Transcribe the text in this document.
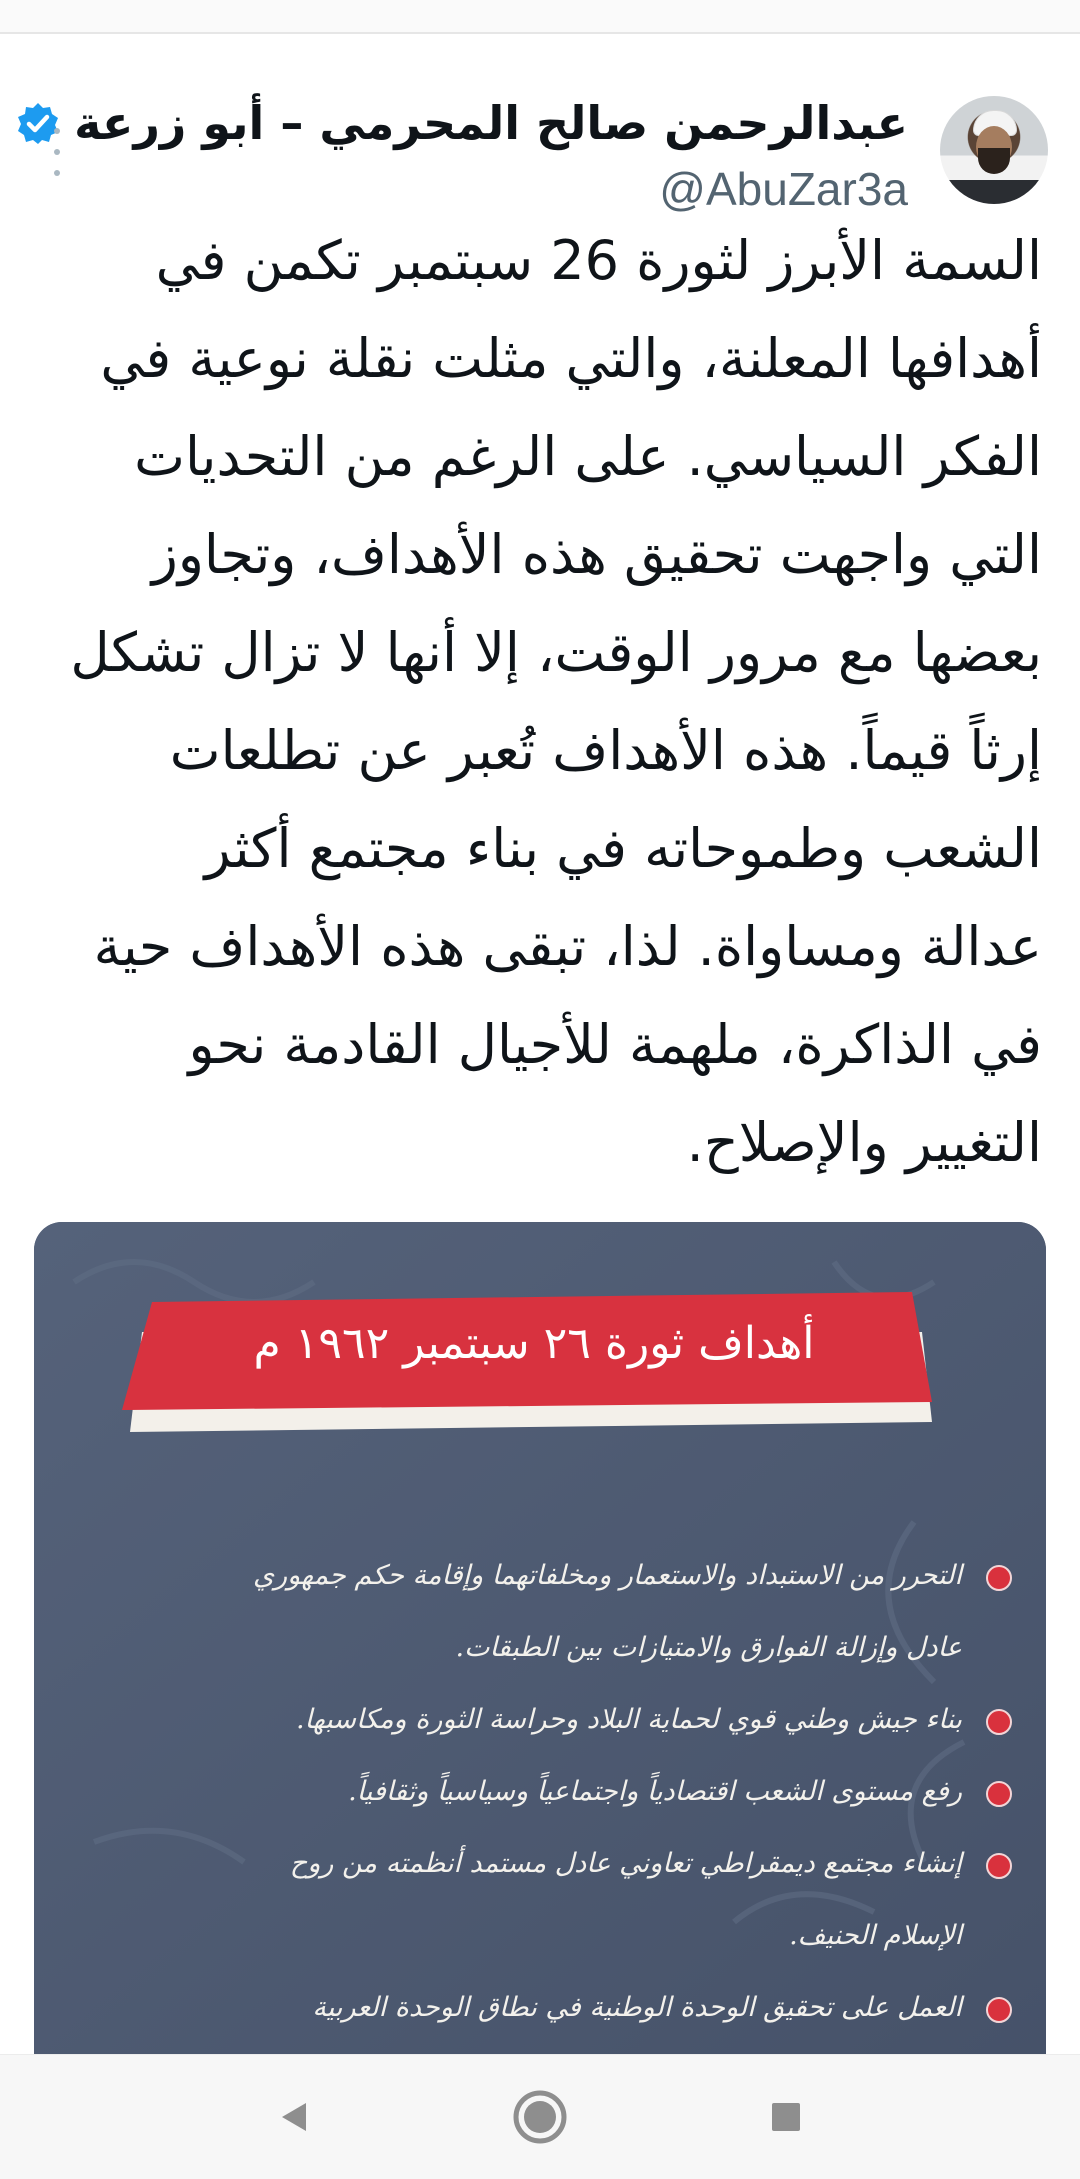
عبدالرحمن صالح المحرمي – أبو زرعة
@AbuZar3a
السمة الأبرز لثورة 26 سبتمبر تكمن في
أهدافها المعلنة، والتي مثلت نقلة نوعية في
الفكر السياسي. على الرغم من التحديات
التي واجهت تحقيق هذه الأهداف، وتجاوز
بعضها مع مرور الوقت، إلا أنها لا تزال تشكل
إرثاً قيماً. هذه الأهداف تُعبر عن تطلعات
الشعب وطموحاته في بناء مجتمع أكثر
عدالة ومساواة. لذا، تبقى هذه الأهداف حية
في الذاكرة، ملهمة للأجيال القادمة نحو
التغيير والإصلاح.
أهداف ثورة ٢٦ سبتمبر ١٩٦٢ م
التحرر من الاستبداد والاستعمار ومخلفاتهما وإقامة حكم جمهوري
عادل وإزالة الفوارق والامتيازات بين الطبقات.
بناء جيش وطني قوي لحماية البلاد وحراسة الثورة ومكاسبها.
رفع مستوى الشعب اقتصادياً واجتماعياً وسياسياً وثقافياً.
إنشاء مجتمع ديمقراطي تعاوني عادل مستمد أنظمته من روح
الإسلام الحنيف.
العمل على تحقيق الوحدة الوطنية في نطاق الوحدة العربية
